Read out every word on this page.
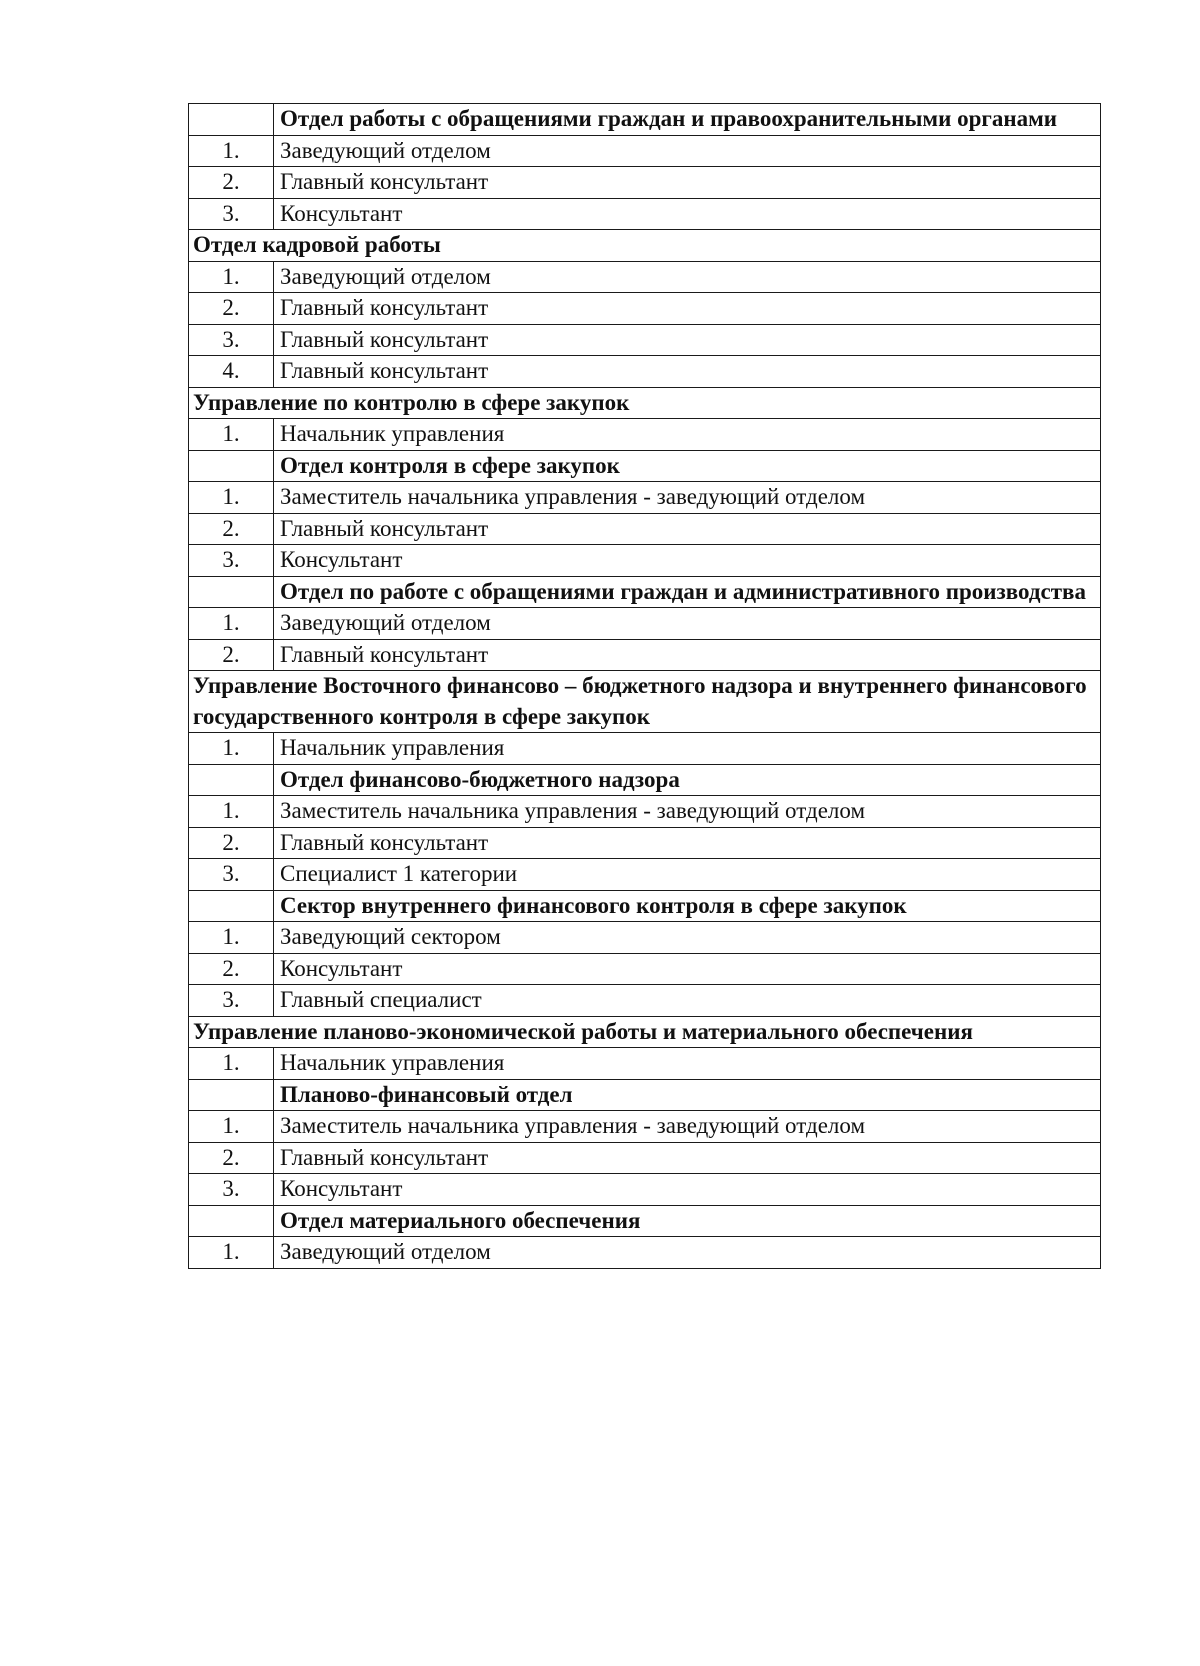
	Отдел работы с обращениями граждан и правоохранительными органами
1.	Заведующий отделом
2.	Главный консультант
3.	Консультант
Отдел кадровой работы	
1.	Заведующий отделом
2.	Главный консультант
3.	Главный консультант
4.	Главный консультант
Управление по контролю в сфере закупок	
1.	Начальник управления
	Отдел контроля в сфере закупок
1.	Заместитель начальника управления - заведующий отделом
2.	Главный консультант
3.	Консультант
	Отдел по работе с обращениями граждан и административного производства
1.	Заведующий отделом
2.	Главный консультант
Управление Восточного финансово – бюджетного надзора и внутреннего финансового государственного контроля в сфере закупок	
1.	Начальник управления
	Отдел финансово-бюджетного надзора
1.	Заместитель начальника управления - заведующий отделом
2.	Главный консультант
3.	Специалист 1 категории
	Сектор внутреннего финансового контроля в сфере закупок
1.	Заведующий сектором
2.	Консультант
3.	Главный специалист
Управление планово-экономической работы и материального обеспечения	
1.	Начальник управления
	Планово-финансовый отдел
1.	Заместитель начальника управления - заведующий отделом
2.	Главный консультант
3.	Консультант
	Отдел материального обеспечения
1.	Заведующий отделом
